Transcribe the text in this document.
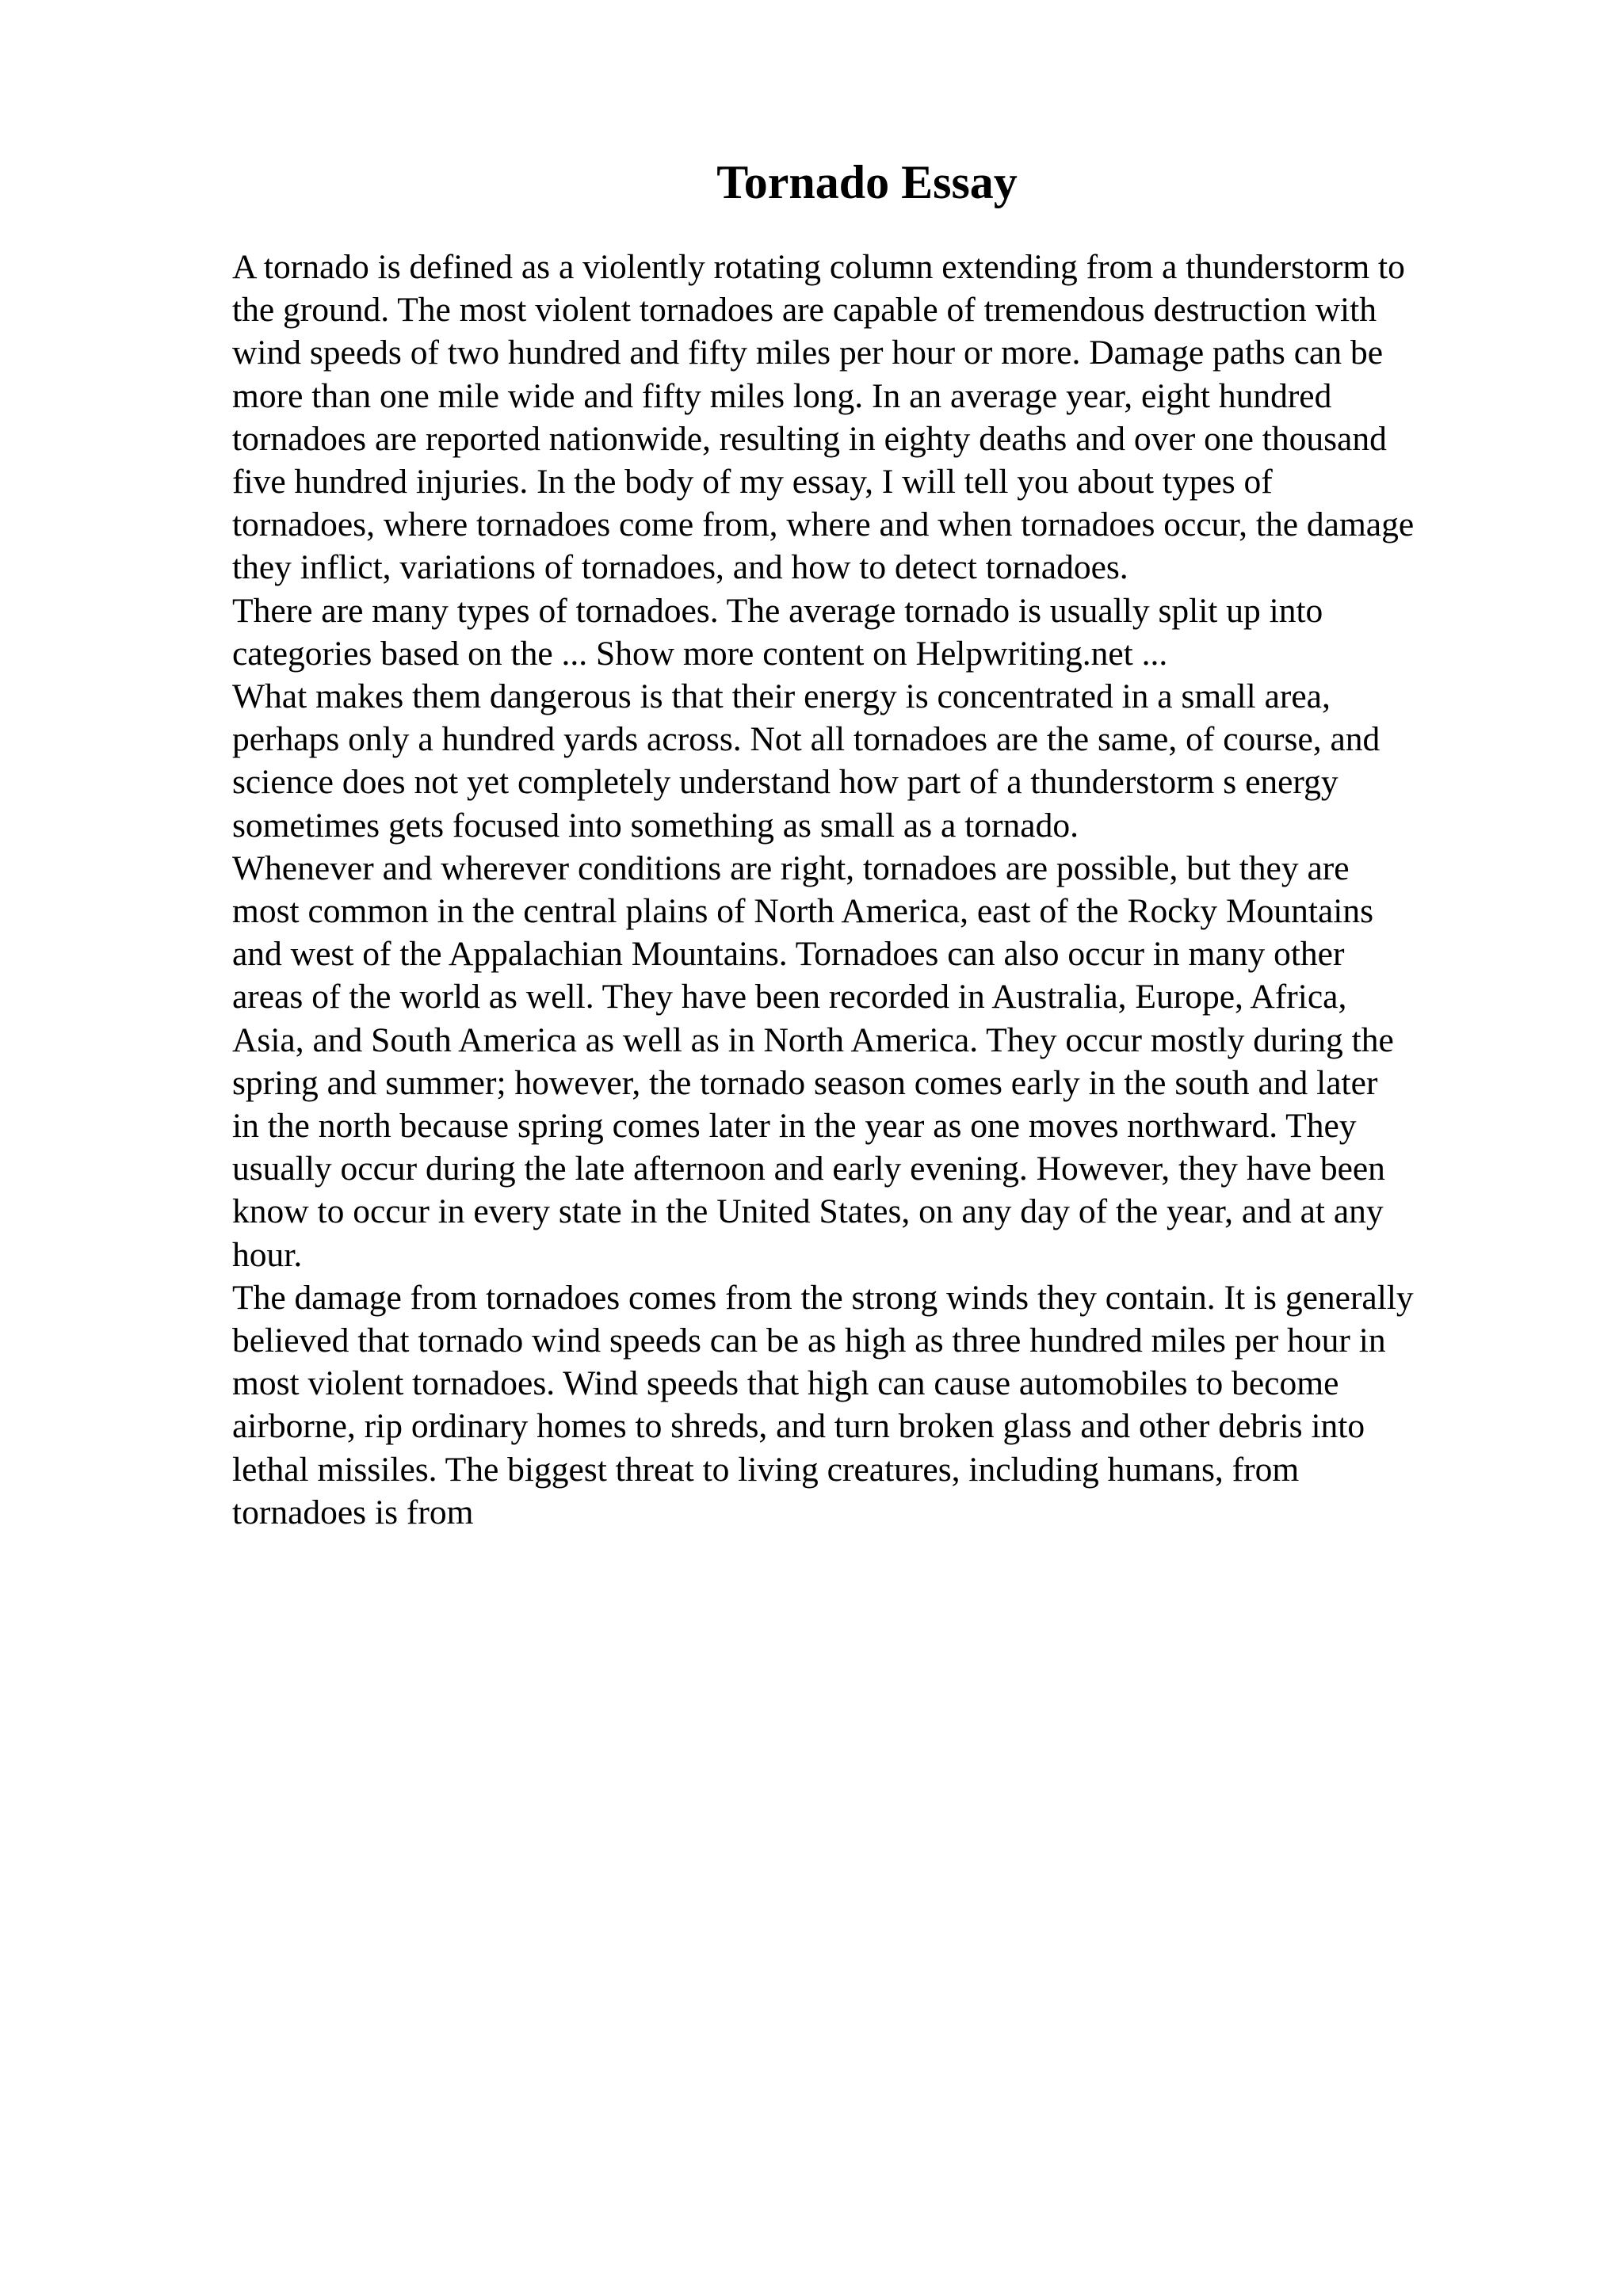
Tornado Essay

A tornado is defined as a violently rotating column extending from a thunderstorm to

the ground. The most violent tornadoes are capable of tremendous destruction with

wind speeds of two hundred and fifty miles per hour or more. Damage paths can be

more than one mile wide and fifty miles long. In an average year, eight hundred

tornadoes are reported nationwide, resulting in eighty deaths and over one thousand

five hundred injuries. In the body of my essay, I will tell you about types of

tornadoes, where tornadoes come from, where and when tornadoes occur, the damage

they inflict, variations of tornadoes, and how to detect tornadoes.

There are many types of tornadoes. The average tornado is usually split up into

categories based on the ... Show more content on Helpwriting.net ...

What makes them dangerous is that their energy is concentrated in a small area,

perhaps only a hundred yards across. Not all tornadoes are the same, of course, and

science does not yet completely understand how part of a thunderstorm s energy

sometimes gets focused into something as small as a tornado.

Whenever and wherever conditions are right, tornadoes are possible, but they are

most common in the central plains of North America, east of the Rocky Mountains

and west of the Appalachian Mountains. Tornadoes can also occur in many other

areas of the world as well. They have been recorded in Australia, Europe, Africa,

Asia, and South America as well as in North America. They occur mostly during the

spring and summer; however, the tornado season comes early in the south and later

in the north because spring comes later in the year as one moves northward. They

usually occur during the late afternoon and early evening. However, they have been

know to occur in every state in the United States, on any day of the year, and at any

hour.

The damage from tornadoes comes from the strong winds they contain. It is generally

believed that tornado wind speeds can be as high as three hundred miles per hour in

most violent tornadoes. Wind speeds that high can cause automobiles to become

airborne, rip ordinary homes to shreds, and turn broken glass and other debris into

lethal missiles. The biggest threat to living creatures, including humans, from

tornadoes is from
